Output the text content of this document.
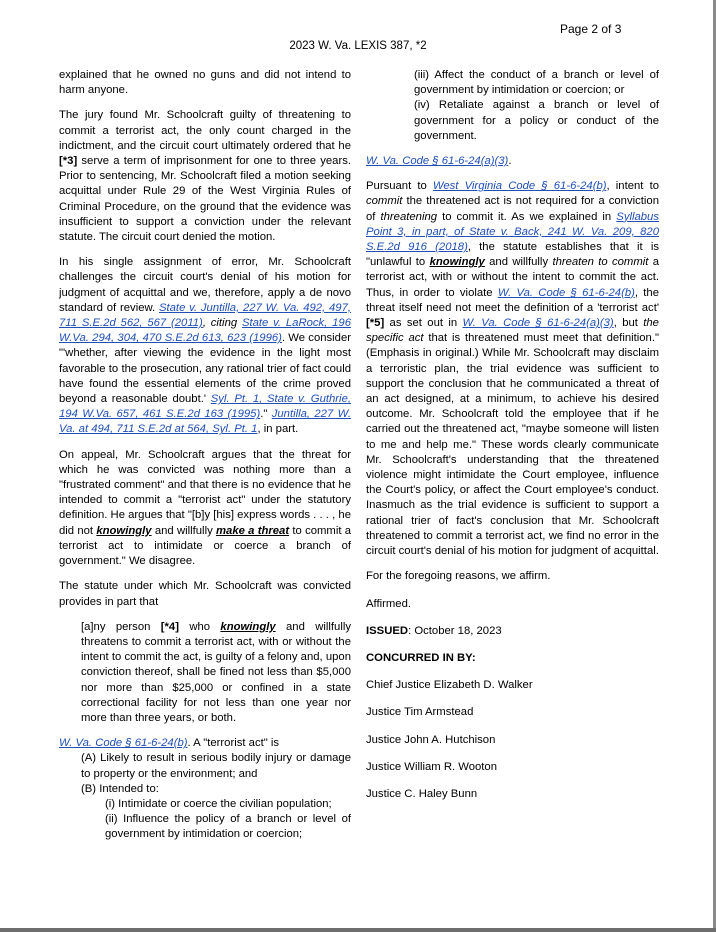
Page 2 of 3
2023 W. Va. LEXIS 387, *2

explained that he owned no guns and did not intend to harm anyone.

The jury found Mr. Schoolcraft guilty of threatening to commit a terrorist act, the only count charged in the indictment, and the circuit court ultimately ordered that he [*3] serve a term of imprisonment for one to three years. Prior to sentencing, Mr. Schoolcraft filed a motion seeking acquittal under Rule 29 of the West Virginia Rules of Criminal Procedure, on the ground that the evidence was insufficient to support a conviction under the relevant statute. The circuit court denied the motion.

In his single assignment of error, Mr. Schoolcraft challenges the circuit court's denial of his motion for judgment of acquittal and we, therefore, apply a de novo standard of review. State v. Juntilla, 227 W. Va. 492, 497, 711 S.E.2d 562, 567 (2011), citing State v. LaRock, 196 W.Va. 294, 304, 470 S.E.2d 613, 623 (1996). We consider "'whether, after viewing the evidence in the light most favorable to the prosecution, any rational trier of fact could have found the essential elements of the crime proved beyond a reasonable doubt.' Syl. Pt. 1, State v. Guthrie, 194 W.Va. 657, 461 S.E.2d 163 (1995)." Juntilla, 227 W. Va. at 494, 711 S.E.2d at 564, Syl. Pt. 1, in part.

On appeal, Mr. Schoolcraft argues that the threat for which he was convicted was nothing more than a "frustrated comment" and that there is no evidence that he intended to commit a "terrorist act" under the statutory definition. He argues that "[b]y [his] express words . . . , he did not knowingly and willfully make a threat to commit a terrorist act to intimidate or coerce a branch of government." We disagree.

The statute under which Mr. Schoolcraft was convicted provides in part that

[a]ny person [*4] who knowingly and willfully threatens to commit a terrorist act, with or without the intent to commit the act, is guilty of a felony and, upon conviction thereof, shall be fined not less than $5,000 nor more than $25,000 or confined in a state correctional facility for not less than one year nor more than three years, or both.

W. Va. Code § 61-6-24(b). A "terrorist act" is
(A) Likely to result in serious bodily injury or damage to property or the environment; and
(B) Intended to:
(i) Intimidate or coerce the civilian population;
(ii) Influence the policy of a branch or level of government by intimidation or coercion;
(iii) Affect the conduct of a branch or level of government by intimidation or coercion; or
(iv) Retaliate against a branch or level of government for a policy or conduct of the government.

W. Va. Code § 61-6-24(a)(3).

Pursuant to West Virginia Code § 61-6-24(b), intent to commit the threatened act is not required for a conviction of threatening to commit it. As we explained in Syllabus Point 3, in part, of State v. Back, 241 W. Va. 209, 820 S.E.2d 916 (2018), the statute establishes that it is "unlawful to knowingly and willfully threaten to commit a terrorist act, with or without the intent to commit the act. Thus, in order to violate W. Va. Code § 61-6-24(b), the threat itself need not meet the definition of a 'terrorist act' [*5] as set out in W. Va. Code § 61-6-24(a)(3), but the specific act that is threatened must meet that definition." (Emphasis in original.) While Mr. Schoolcraft may disclaim a terroristic plan, the trial evidence was sufficient to support the conclusion that he communicated a threat of an act designed, at a minimum, to achieve his desired outcome. Mr. Schoolcraft told the employee that if he carried out the threatened act, "maybe someone will listen to me and help me." These words clearly communicate Mr. Schoolcraft's understanding that the threatened violence might intimidate the Court employee, influence the Court's policy, or affect the Court employee's conduct. Inasmuch as the trial evidence is sufficient to support a rational trier of fact's conclusion that Mr. Schoolcraft threatened to commit a terrorist act, we find no error in the circuit court's denial of his motion for judgment of acquittal.

For the foregoing reasons, we affirm.

Affirmed.

ISSUED: October 18, 2023

CONCURRED IN BY:

Chief Justice Elizabeth D. Walker

Justice Tim Armstead

Justice John A. Hutchison

Justice William R. Wooton

Justice C. Haley Bunn
